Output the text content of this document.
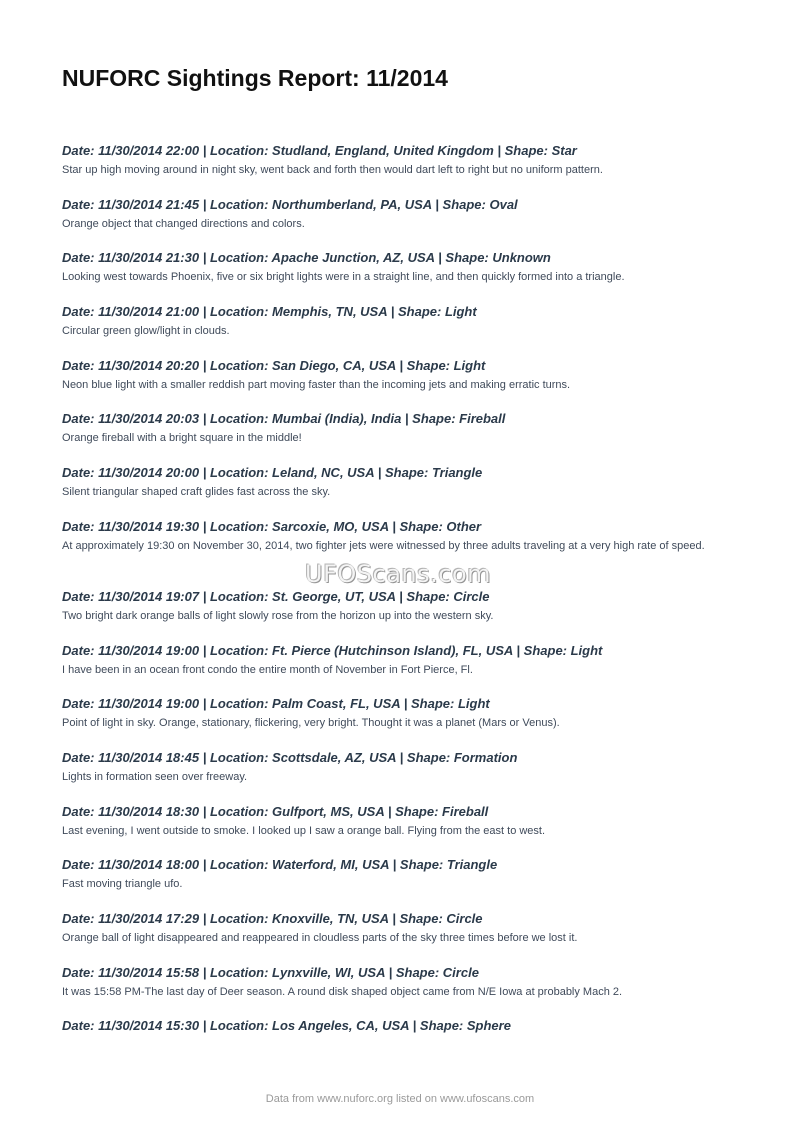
NUFORC Sightings Report: 11/2014
Date: 11/30/2014 22:00 | Location: Studland, England, United Kingdom | Shape: Star
Star up high moving around in night sky, went back and forth then would dart left to right but no uniform pattern.
Date: 11/30/2014 21:45 | Location: Northumberland, PA, USA | Shape: Oval
Orange object that changed directions and colors.
Date: 11/30/2014 21:30 | Location: Apache Junction, AZ, USA | Shape: Unknown
Looking west towards Phoenix, five or six bright lights were in a straight line, and then quickly formed into a triangle.
Date: 11/30/2014 21:00 | Location: Memphis, TN, USA | Shape: Light
Circular green glow/light in clouds.
Date: 11/30/2014 20:20 | Location: San Diego, CA, USA | Shape: Light
Neon blue light with a smaller reddish part moving faster than the incoming jets and making erratic turns.
Date: 11/30/2014 20:03 | Location: Mumbai (India), India | Shape: Fireball
Orange fireball with a bright square in the middle!
Date: 11/30/2014 20:00 | Location: Leland, NC, USA | Shape: Triangle
Silent triangular shaped craft glides fast across the sky.
Date: 11/30/2014 19:30 | Location: Sarcoxie, MO, USA | Shape: Other
At approximately 19:30 on November 30, 2014, two fighter jets were witnessed by three adults traveling at a very high rate of speed.
Date: 11/30/2014 19:07 | Location: St. George, UT, USA | Shape: Circle
Two bright dark orange balls of light slowly rose from the horizon up into the western sky.
Date: 11/30/2014 19:00 | Location: Ft. Pierce (Hutchinson Island), FL, USA | Shape: Light
I have been in an ocean front condo the entire month of November in Fort Pierce, Fl.
Date: 11/30/2014 19:00 | Location: Palm Coast, FL, USA | Shape: Light
Point of light in sky. Orange, stationary, flickering, very bright. Thought it was a planet (Mars or Venus).
Date: 11/30/2014 18:45 | Location: Scottsdale, AZ, USA | Shape: Formation
Lights in formation seen over freeway.
Date: 11/30/2014 18:30 | Location: Gulfport, MS, USA | Shape: Fireball
Last evening, I went outside to smoke. I looked up I saw a orange ball. Flying from the east to west.
Date: 11/30/2014 18:00 | Location: Waterford, MI, USA | Shape: Triangle
Fast moving triangle ufo.
Date: 11/30/2014 17:29 | Location: Knoxville, TN, USA | Shape: Circle
Orange ball of light disappeared and reappeared in cloudless parts of the sky three times before we lost it.
Date: 11/30/2014 15:58 | Location: Lynxville, WI, USA | Shape: Circle
It was 15:58 PM-The last day of Deer season. A round disk shaped object came from N/E Iowa at probably Mach 2.
Date: 11/30/2014 15:30 | Location: Los Angeles, CA, USA | Shape: Sphere
UFOScans.com
Data from www.nuforc.org listed on www.ufoscans.com
